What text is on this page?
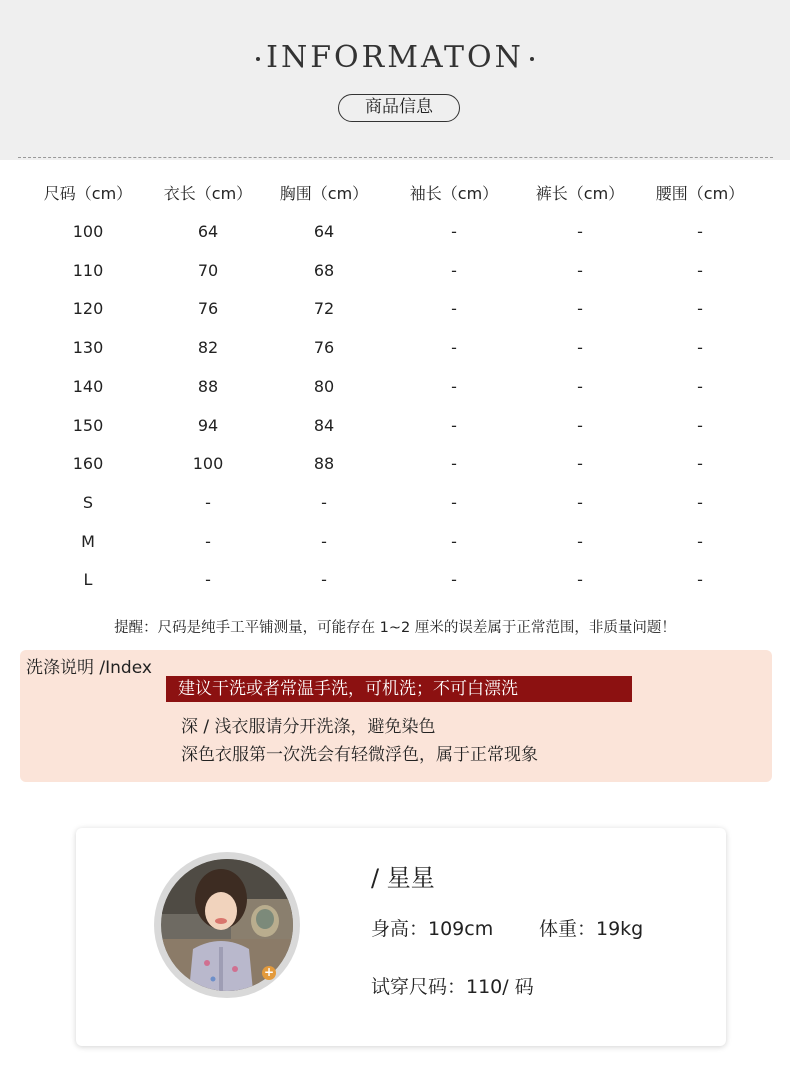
INFORMATON
商品信息
尺码（cm）	衣长（cm）	胸围（cm）	袖长（cm）	裤长（cm）	腰围（cm）
100	64	64	-	-	-
110	70	68	-	-	-
120	76	72	-	-	-
130	82	76	-	-	-
140	88	80	-	-	-
150	94	84	-	-	-
160	100	88	-	-	-
S	-	-	-	-	-
M	-	-	-	-	-
L	-	-	-	-	-
提醒：尺码是纯手工平铺测量，可能存在 1~2 厘米的误差属于正常范围，非质量问题！
洗涤说明 /Index
建议干洗或者常温手洗，可机洗；不可白漂洗
深 / 浅衣服请分开洗涤，避免染色
深色衣服第一次洗会有轻微浮色，属于正常现象
+
/ 星星
身高：109cm 体重：19kg
试穿尺码：110/ 码
